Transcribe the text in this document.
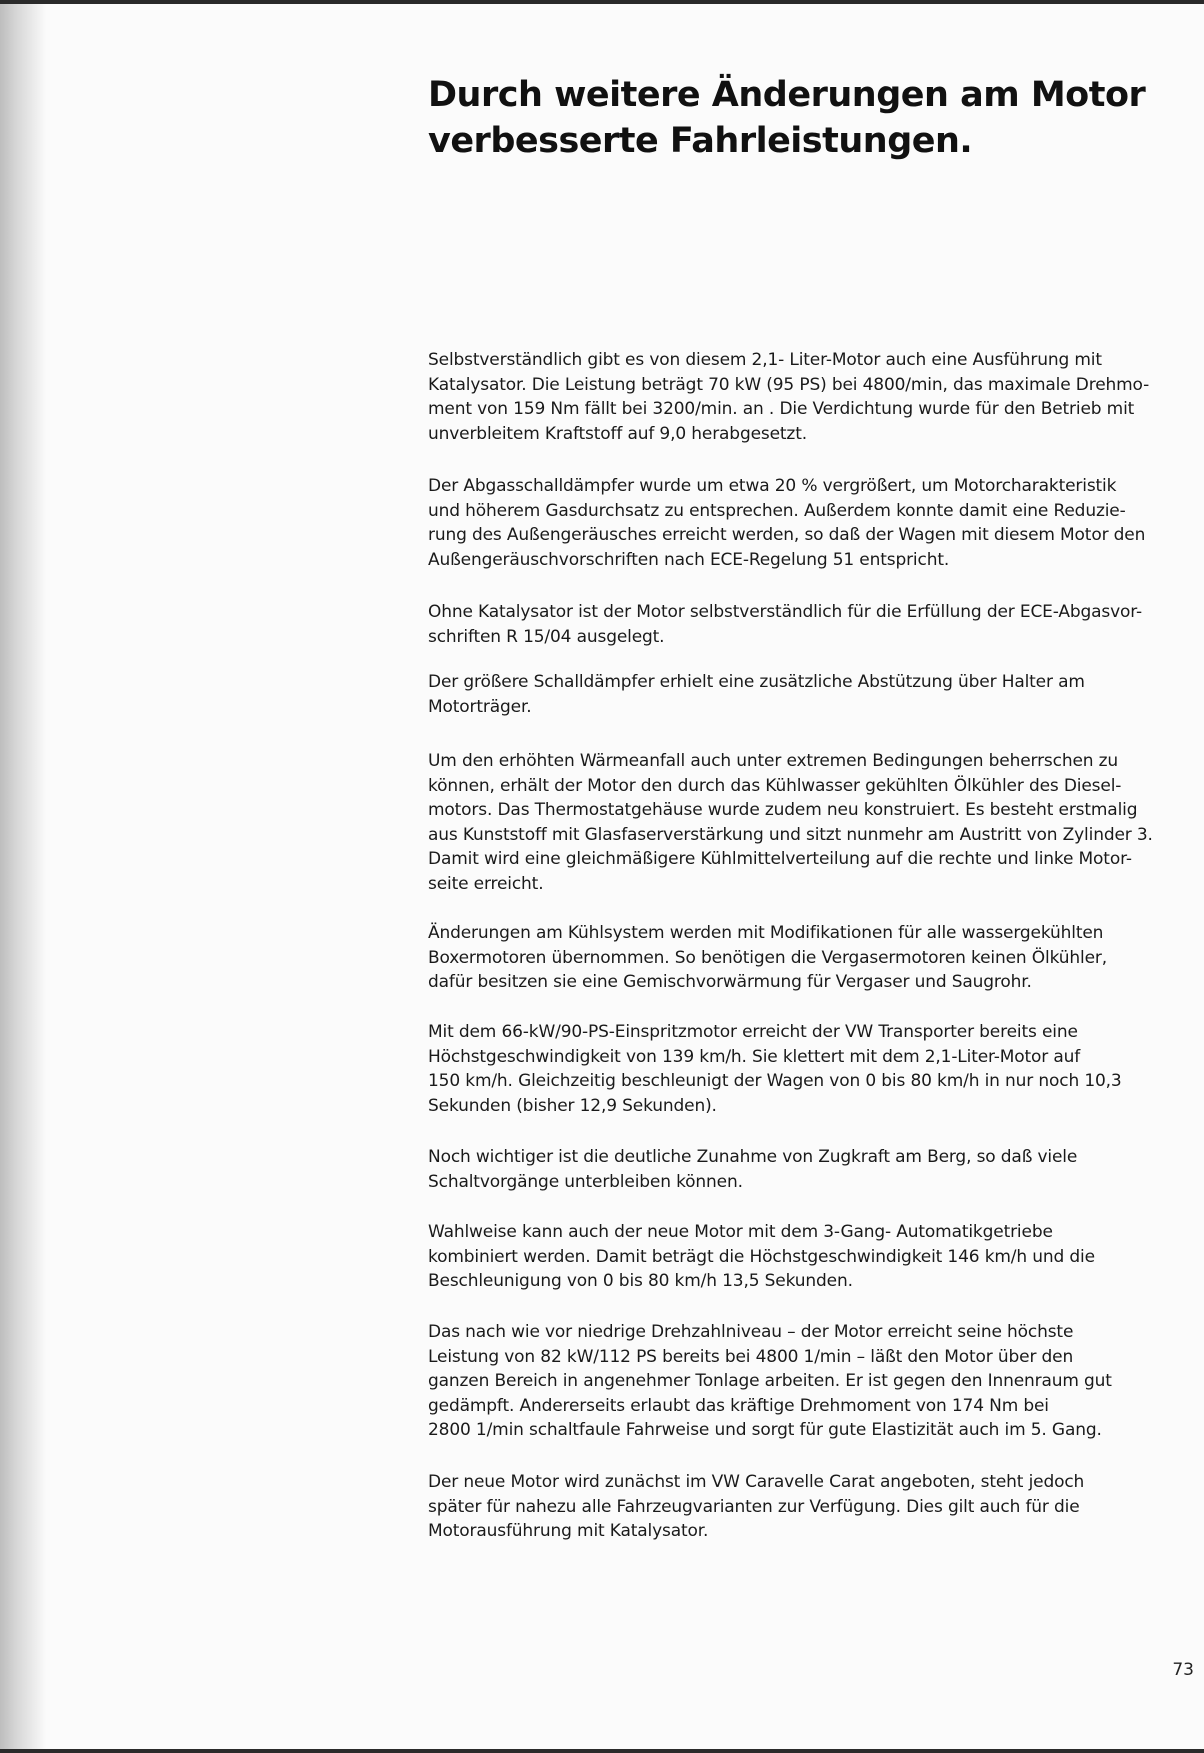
Durch weitere Änderungen am Motor
verbesserte Fahrleistungen.

Selbstverständlich gibt es von diesem 2,1- Liter-Motor auch eine Ausführung mit
Katalysator. Die Leistung beträgt 70 kW (95 PS) bei 4800/min, das maximale Drehmo-
ment von 159 Nm fällt bei 3200/min. an . Die Verdichtung wurde für den Betrieb mit
unverbleitem Kraftstoff auf 9,0 herabgesetzt.

Der Abgasschalldämpfer wurde um etwa 20 % vergrößert, um Motorcharakteristik
und höherem Gasdurchsatz zu entsprechen. Außerdem konnte damit eine Reduzie-
rung des Außengeräusches erreicht werden, so daß der Wagen mit diesem Motor den
Außengeräuschvorschriften nach ECE-Regelung 51 entspricht.

Ohne Katalysator ist der Motor selbstverständlich für die Erfüllung der ECE-Abgasvor-
schriften R 15/04 ausgelegt.

Der größere Schalldämpfer erhielt eine zusätzliche Abstützung über Halter am
Motorträger.

Um den erhöhten Wärmeanfall auch unter extremen Bedingungen beherrschen zu
können, erhält der Motor den durch das Kühlwasser gekühlten Ölkühler des Diesel-
motors. Das Thermostatgehäuse wurde zudem neu konstruiert. Es besteht erstmalig
aus Kunststoff mit Glasfaserverstärkung und sitzt nunmehr am Austritt von Zylinder 3.
Damit wird eine gleichmäßigere Kühlmittelverteilung auf die rechte und linke Motor-
seite erreicht.

Änderungen am Kühlsystem werden mit Modifikationen für alle wassergekühlten
Boxermotoren übernommen. So benötigen die Vergasermotoren keinen Ölkühler,
dafür besitzen sie eine Gemischvorwärmung für Vergaser und Saugrohr.

Mit dem 66-kW/90-PS-Einspritzmotor erreicht der VW Transporter bereits eine
Höchstgeschwindigkeit von 139 km/h. Sie klettert mit dem 2,1-Liter-Motor auf
150 km/h. Gleichzeitig beschleunigt der Wagen von 0 bis 80 km/h in nur noch 10,3
Sekunden (bisher 12,9 Sekunden).

Noch wichtiger ist die deutliche Zunahme von Zugkraft am Berg, so daß viele
Schaltvorgänge unterbleiben können.

Wahlweise kann auch der neue Motor mit dem 3-Gang- Automatikgetriebe
kombiniert werden. Damit beträgt die Höchstgeschwindigkeit 146 km/h und die
Beschleunigung von 0 bis 80 km/h 13,5 Sekunden.

Das nach wie vor niedrige Drehzahlniveau – der Motor erreicht seine höchste
Leistung von 82 kW/112 PS bereits bei 4800 1/min – läßt den Motor über den
ganzen Bereich in angenehmer Tonlage arbeiten. Er ist gegen den Innenraum gut
gedämpft. Andererseits erlaubt das kräftige Drehmoment von 174 Nm bei
2800 1/min schaltfaule Fahrweise und sorgt für gute Elastizität auch im 5. Gang.

Der neue Motor wird zunächst im VW Caravelle Carat angeboten, steht jedoch
später für nahezu alle Fahrzeugvarianten zur Verfügung. Dies gilt auch für die
Motorausführung mit Katalysator.

73
